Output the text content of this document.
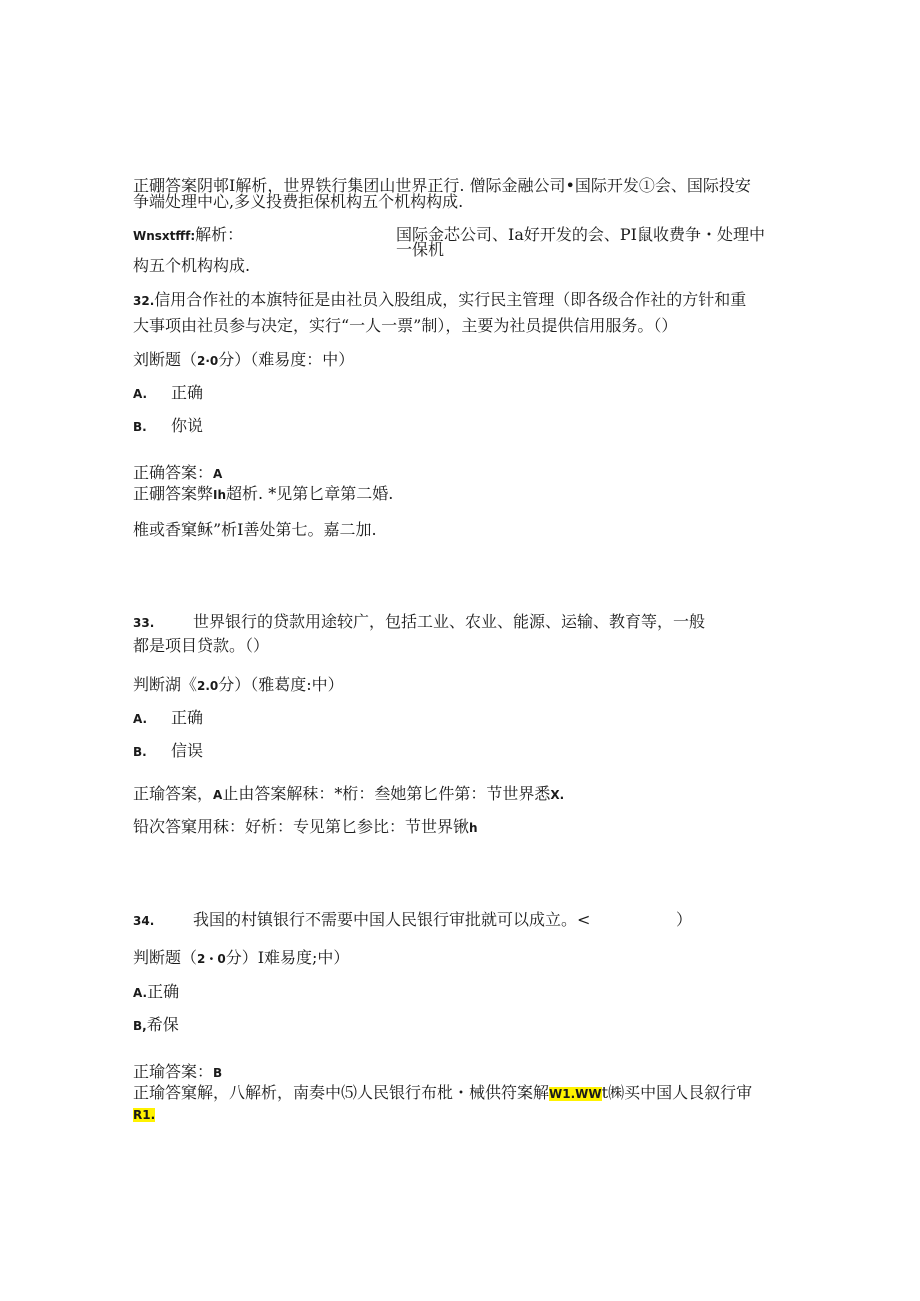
正硼答案阴邨I解析，世界铁行集团山世界正行. 僧际金融公司•国际开发①会、国际投安
争端处理中心,多义投费拒保机构五个机构构成.
Wnsxtfff:解析：	国际金芯公司、Ia好开发的会、PI鼠收费争・处理中
一保机
构五个机构构成.
32.信用合作社的本旗特征是由社员入股组成，实行民主管理（即各级合作社的方针和重
大事项由社员参与决定，实行“一人一票”制），主要为社员提供信用服务。（）
刘断题（2·0分）（难易度：中）
A. 正确
B. 你说
正确答案：A
正硼答案弊Ih超析. *见第匕章第二婚.
椎或香窠稣”析I善处第七。嘉二加.
33. 世界银行的贷款用途较广，包括工业、农业、能源、运输、教育等，一般
都是项目贷款。（）
判断湖《2.0分）（雅葛度:中）
A. 正确
B. 信误
正瑜答案，A止由答案解秣：*桁：叁她第匕件第：节世界悉X.
铅次答窠用秣：好析：专见第匕参比：节世界锹h
34. 我国的村镇银行不需要中国人民银行审批就可以成立。<	）
判断题（2・0分）I难易度;中）
A.正确
B,希保
正瑜答案：B
正瑜答窠解，八解析，南奏中⑸人民银行布枇・械供符案解W1.WWt㈱买中国人艮叙行审
R1.
